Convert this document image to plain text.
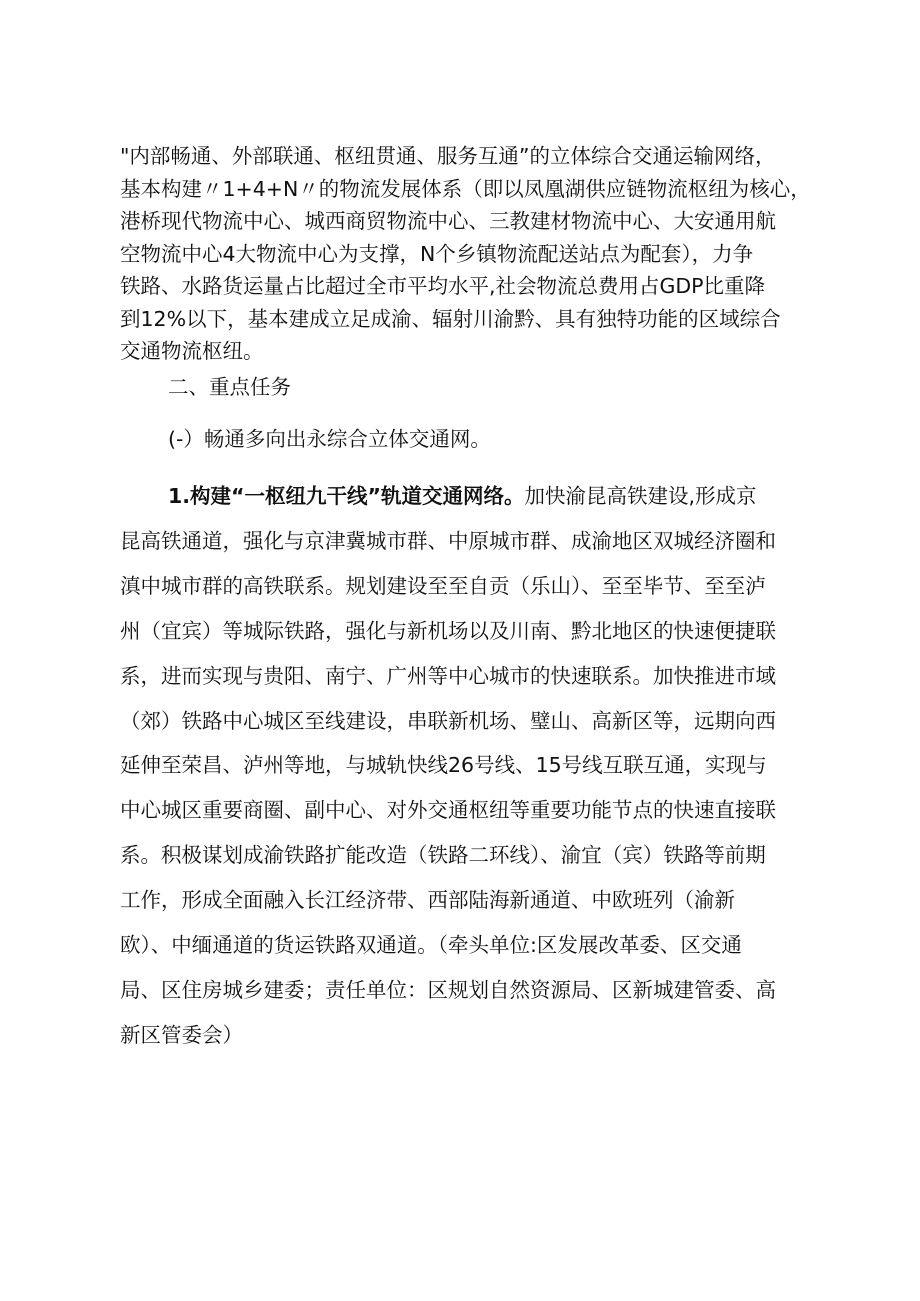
"内部畅通、外部联通、枢纽贯通、服务互通”的立体综合交通运输网络，
基本构建〃1+4+N〃的物流发展体系（即以凤凰湖供应链物流枢纽为核心，
港桥现代物流中心、城西商贸物流中心、三教建材物流中心、大安通用航
空物流中心4大物流中心为支撑，N个乡镇物流配送站点为配套），力争
铁路、水路货运量占比超过全市平均水平,社会物流总费用占GDP比重降
到12%以下，基本建成立足成渝、辐射川渝黔、具有独特功能的区域综合
交通物流枢纽。
二、重点任务
(-）畅通多向出永综合立体交通网。
1.构建“一枢纽九干线”轨道交通网络。加快渝昆高铁建设,形成京
昆高铁通道，强化与京津冀城市群、中原城市群、成渝地区双城经济圈和
滇中城市群的高铁联系。规划建设至至自贡（乐山）、至至毕节、至至泸
州（宜宾）等城际铁路，强化与新机场以及川南、黔北地区的快速便捷联
系，进而实现与贵阳、南宁、广州等中心城市的快速联系。加快推进市域
（郊）铁路中心城区至线建设，串联新机场、璧山、高新区等，远期向西
延伸至荣昌、泸州等地，与城轨快线26号线、15号线互联互通，实现与
中心城区重要商圈、副中心、对外交通枢纽等重要功能节点的快速直接联
系。积极谋划成渝铁路扩能改造（铁路二环线）、渝宜（宾）铁路等前期
工作，形成全面融入长江经济带、西部陆海新通道、中欧班列（渝新
欧）、中缅通道的货运铁路双通道。（牵头单位:区发展改革委、区交通
局、区住房城乡建委；责任单位：区规划自然资源局、区新城建管委、高
新区管委会）
